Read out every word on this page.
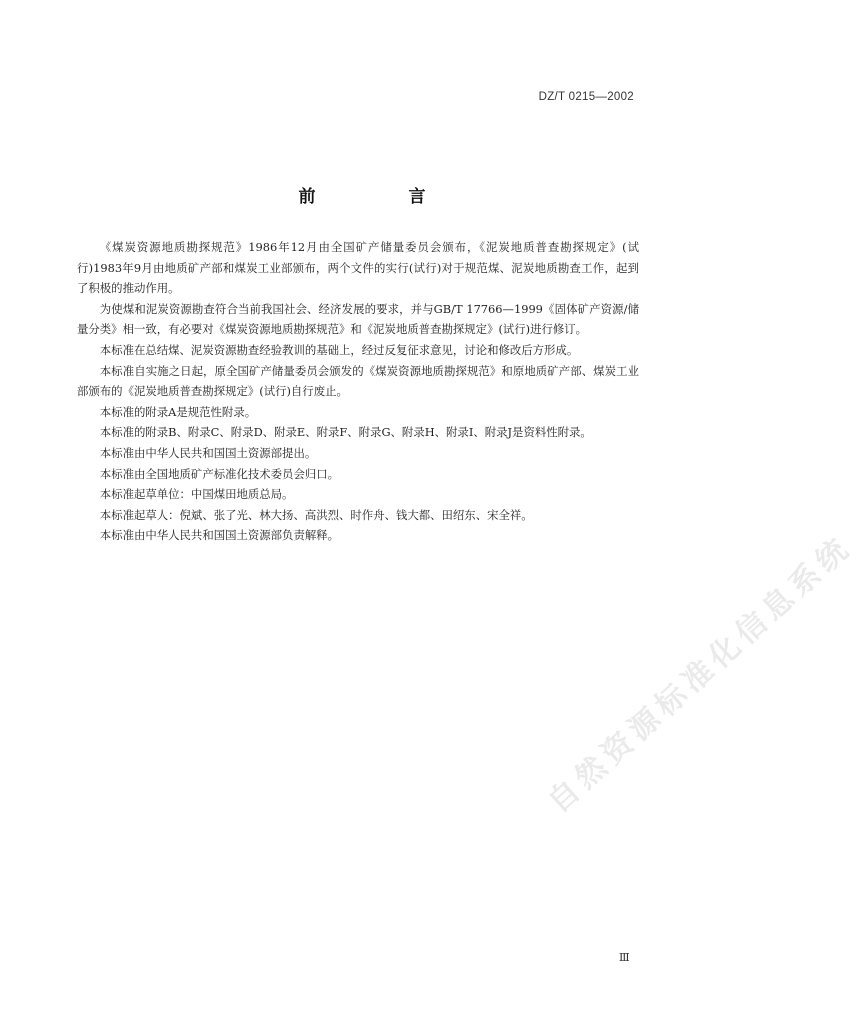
DZ/T 0215—2002
前　言

《煤炭资源地质勘探规范》1986年12月由全国矿产储量委员会颁布，《泥炭地质普查勘探规定》(试行)1983年9月由地质矿产部和煤炭工业部颁布，两个文件的实行(试行)对于规范煤、泥炭地质勘查工作，起到了积极的推动作用。

为使煤和泥炭资源勘查符合当前我国社会、经济发展的要求，并与GB/T 17766—1999《固体矿产资源/储量分类》相一致，有必要对《煤炭资源地质勘探规范》和《泥炭地质普查勘探规定》(试行)进行修订。

本标准在总结煤、泥炭资源勘查经验教训的基础上，经过反复征求意见，讨论和修改后方形成。

本标准自实施之日起，原全国矿产储量委员会颁发的《煤炭资源地质勘探规范》和原地质矿产部、煤炭工业部颁布的《泥炭地质普查勘探规定》(试行)自行废止。

本标准的附录A是规范性附录。

本标准的附录B、附录C、附录D、附录E、附录F、附录G、附录H、附录I、附录J是资料性附录。

本标准由中华人民共和国国土资源部提出。

本标准由全国地质矿产标准化技术委员会归口。

本标准起草单位：中国煤田地质总局。

本标准起草人：倪斌、张了光、林大扬、高洪烈、时作舟、钱大都、田绍东、宋全祥。

本标准由中华人民共和国国土资源部负责解释。	自然资源标准化信息系统
Ⅲ
